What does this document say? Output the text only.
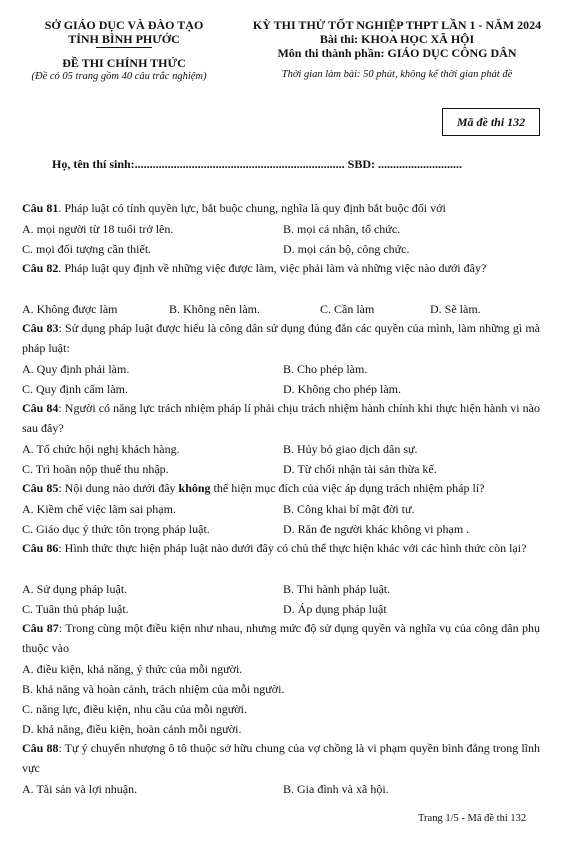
SỞ GIÁO DỤC VÀ ĐÀO TẠO
TỈNH BÌNH PHƯỚC
ĐỀ THI CHÍNH THỨC
(Đề có 05 trang gồm 40 câu trắc nghiệm)
KỲ THI THỬ TỐT NGHIỆP THPT LẦN 1 - NĂM 2024
Bài thi: KHOA HỌC XÃ HỘI
Môn thi thành phần: GIÁO DỤC CÔNG DÂN
Thời gian làm bài: 50 phút, không kể thời gian phát đề
Mã đề thi 132
Họ, tên thí sinh:...................................................................... SBD: ............................
Câu 81. Pháp luật có tính quyền lực, bắt buộc chung, nghĩa là quy định bắt buộc đối với
A. mọi người từ 18 tuổi trở lên.	B. mọi cá nhân, tổ chức.
C. mọi đối tượng cần thiết.	D. mọi cán bộ, công chức.
Câu 82. Pháp luật quy định về những việc được làm, việc phải làm và những việc nào dưới đây?
A. Không được làm	B. Không nên làm.	C. Cần làm	D. Sẽ làm.
Câu 83: Sử dụng pháp luật được hiểu là công dân sử dụng đúng đắn các quyền của mình, làm những gì mà pháp luật:
A. Quy định phải làm.	B. Cho phép làm.
C. Quy định cấm làm.	D. Không cho phép làm.
Câu 84: Người có năng lực trách nhiệm pháp lí phải chịu trách nhiệm hành chính khi thực hiện hành vi nào sau đây?
A. Tổ chức hội nghị khách hàng.	B. Hủy bỏ giao dịch dân sự.
C. Trì hoãn nộp thuế thu nhập.	D. Từ chối nhận tài sản thừa kế.
Câu 85: Nội dung nào dưới đây không thể hiện mục đích của việc áp dụng trách nhiệm pháp lí?
A. Kiềm chế việc làm sai phạm.	B. Công khai bí mật đời tư.
C. Giáo dục ý thức tôn trọng pháp luật.	D. Răn đe người khác không vi phạm .
Câu 86: Hình thức thực hiện pháp luật nào dưới đây có chủ thể thực hiện khác với các hình thức còn lại?
A. Sử dụng pháp luật.	B. Thi hành pháp luật.
C. Tuân thủ pháp luật.	D. Áp dụng pháp luật
Câu 87: Trong cùng một điều kiện như nhau, nhưng mức độ sử dụng quyền và nghĩa vụ của công dân phụ thuộc vào
A. điều kiện, khả năng, ý thức của mỗi người.
B. khả năng và hoàn cảnh, trách nhiệm của mỗi người.
C. năng lực, điều kiện, nhu cầu của mỗi người.
D. khả năng, điều kiện, hoàn cảnh mỗi người.
Câu 88: Tự ý chuyển nhượng ô tô thuộc sở hữu chung của vợ chồng là vi phạm quyền bình đẳng trong lĩnh vực
A. Tài sản và lợi nhuận.	B. Gia đình và xã hội.
Trang 1/5 - Mã đề thi 132
